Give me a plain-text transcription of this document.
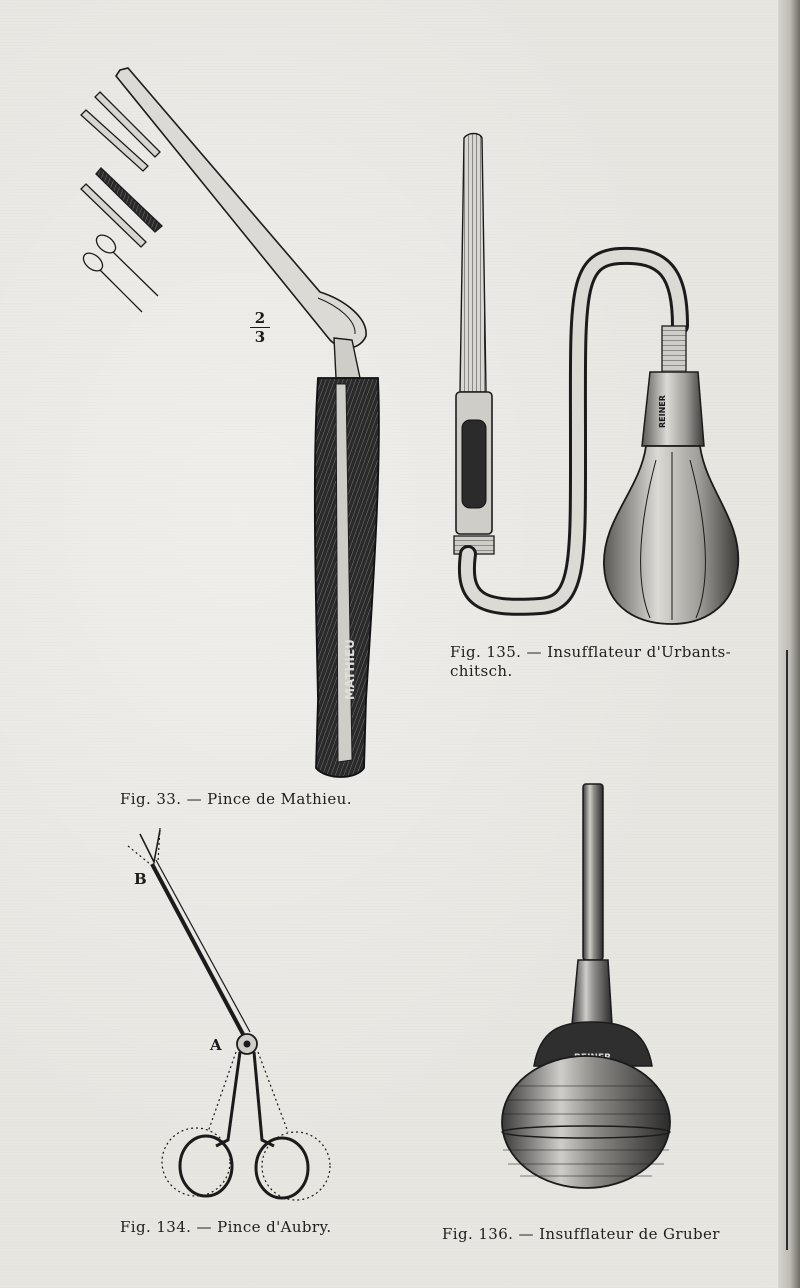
MATHIEU
REINER
$\frac{2}{3}$
B
A
Fig. 33. — Pince de Mathieu.
Fig. 135. — Insufflateur d'Urbants-chitsch.
Fig. 134. — Pince d'Aubry.	Fig. 136. — Insufflateur de Gruber
